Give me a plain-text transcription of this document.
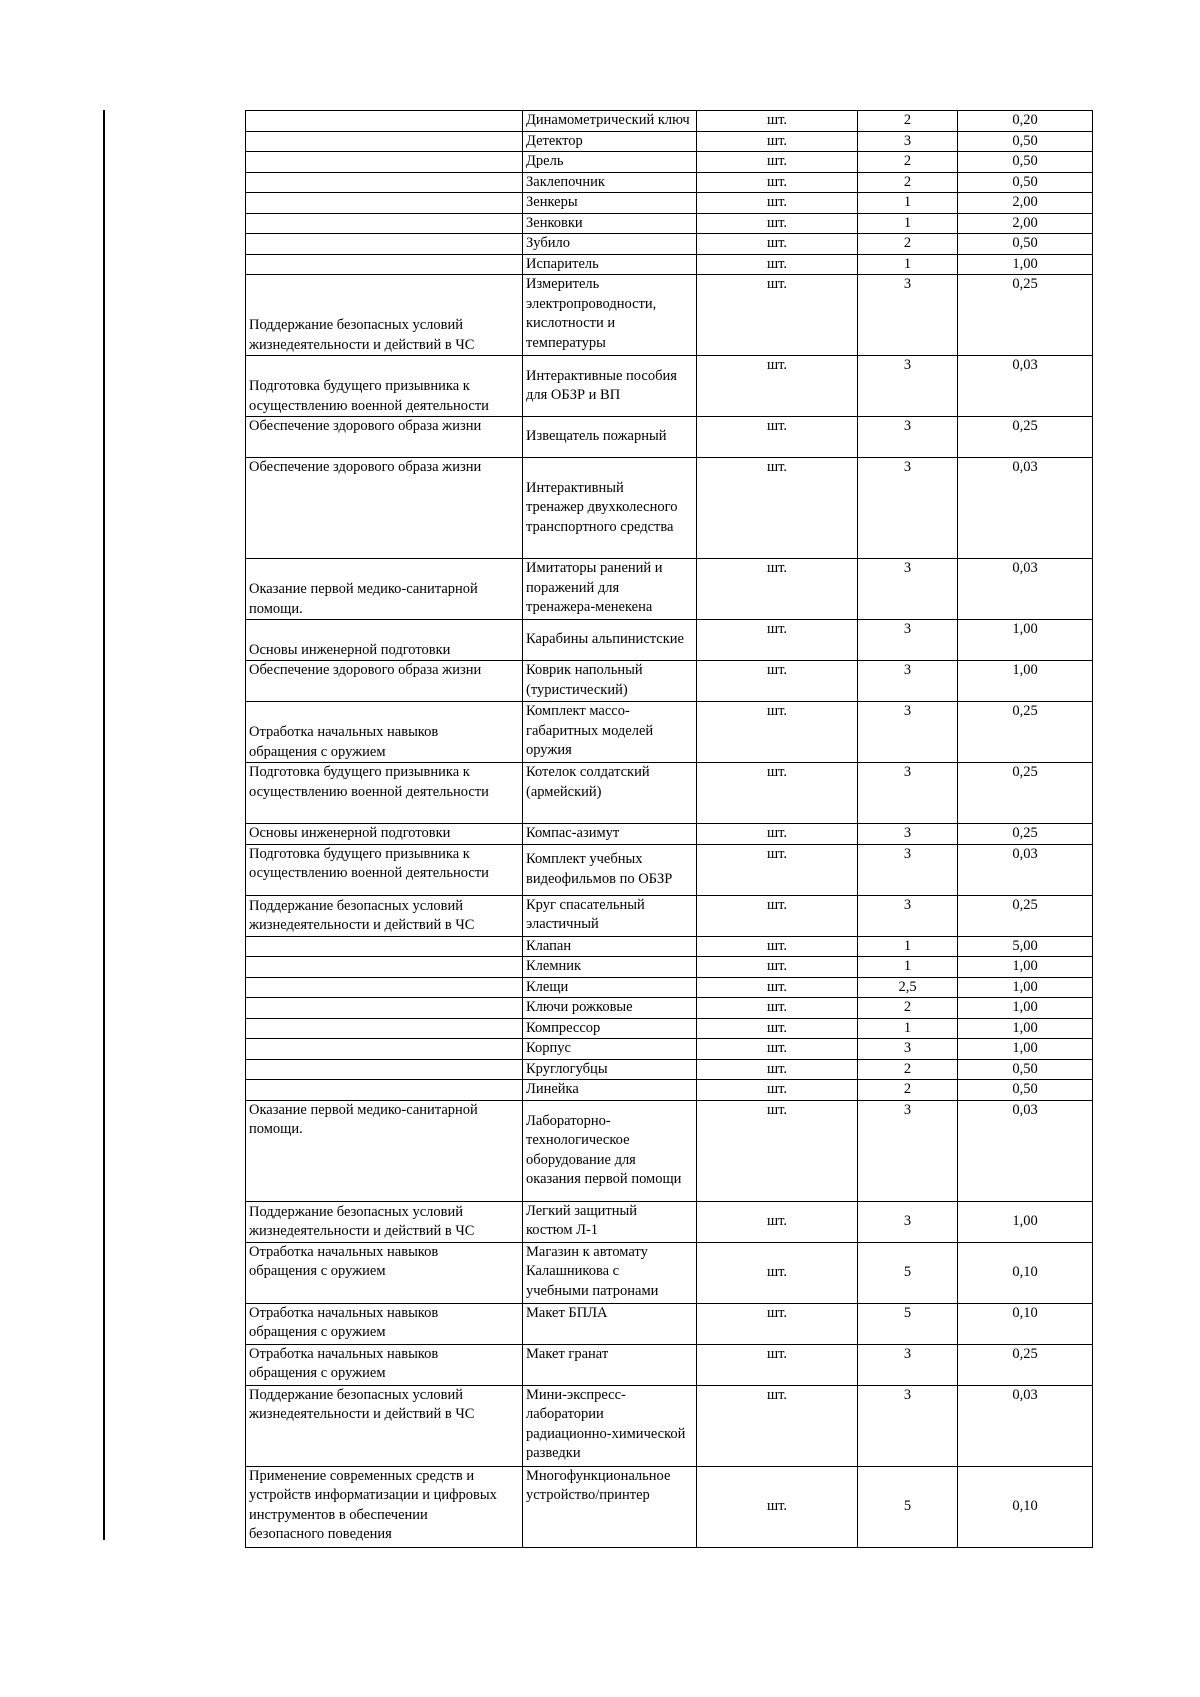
	Динамометрический ключ	шт.	2	0,20
	Детектор	шт.	3	0,50
	Дрель	шт.	2	0,50
	Заклепочник	шт.	2	0,50
	Зенкеры	шт.	1	2,00
	Зенковки	шт.	1	2,00
	Зубило	шт.	2	0,50
	Испаритель	шт.	1	1,00
Поддержание безопасных условий
жизнедеятельности и действий в ЧС	Измеритель
электропроводности,
кислотности и
температуры	шт.	3	0,25
Подготовка будущего призывника к
осуществлению военной деятельности	Интерактивные пособия
для ОБЗР и ВП	шт.	3	0,03
Обеспечение здорового образа жизни	Извещатель пожарный	шт.	3	0,25
Обеспечение здорового образа жизни	Интерактивный
тренажер двухколесного
транспортного средства	шт.	3	0,03
Оказание первой медико-санитарной
помощи.	Имитаторы ранений и
поражений для
тренажера-менекена	шт.	3	0,03
Основы инженерной подготовки	Карабины альпинистские	шт.	3	1,00
Обеспечение здорового образа жизни	Коврик напольный
(туристический)	шт.	3	1,00
Отработка начальных навыков
обращения с оружием	Комплект массо-
габаритных моделей
оружия	шт.	3	0,25
Подготовка будущего призывника к
осуществлению военной деятельности	Котелок солдатский
(армейский)	шт.	3	0,25
Основы инженерной подготовки	Компас-азимут	шт.	3	0,25
Подготовка будущего призывника к
осуществлению военной деятельности	Комплект учебных
видеофильмов по ОБЗР	шт.	3	0,03
Поддержание безопасных условий
жизнедеятельности и действий в ЧС	Круг спасательный
эластичный	шт.	3	0,25
	Клапан	шт.	1	5,00
	Клемник	шт.	1	1,00
	Клещи	шт.	2,5	1,00
	Ключи рожковые	шт.	2	1,00
	Компрессор	шт.	1	1,00
	Корпус	шт.	3	1,00
	Круглогубцы	шт.	2	0,50
	Линейка	шт.	2	0,50
Оказание первой медико-санитарной
помощи.	Лабораторно-
технологическое
оборудование для
оказания первой помощи	шт.	3	0,03
Поддержание безопасных условий
жизнедеятельности и действий в ЧС	Легкий защитный
костюм Л-1	шт.	3	1,00
Отработка начальных навыков
обращения с оружием	Магазин к автомату
Калашникова с
учебными патронами	шт.	5	0,10
Отработка начальных навыков
обращения с оружием	Макет БПЛА	шт.	5	0,10
Отработка начальных навыков
обращения с оружием	Макет гранат	шт.	3	0,25
Поддержание безопасных условий
жизнедеятельности и действий в ЧС	Мини-экспресс-
лаборатории
радиационно-химической
разведки	шт.	3	0,03
Применение современных средств и
устройств информатизации и цифровых
инструментов в обеспечении
безопасного поведения	Многофункциональное
устройство/принтер	шт.	5	0,10
